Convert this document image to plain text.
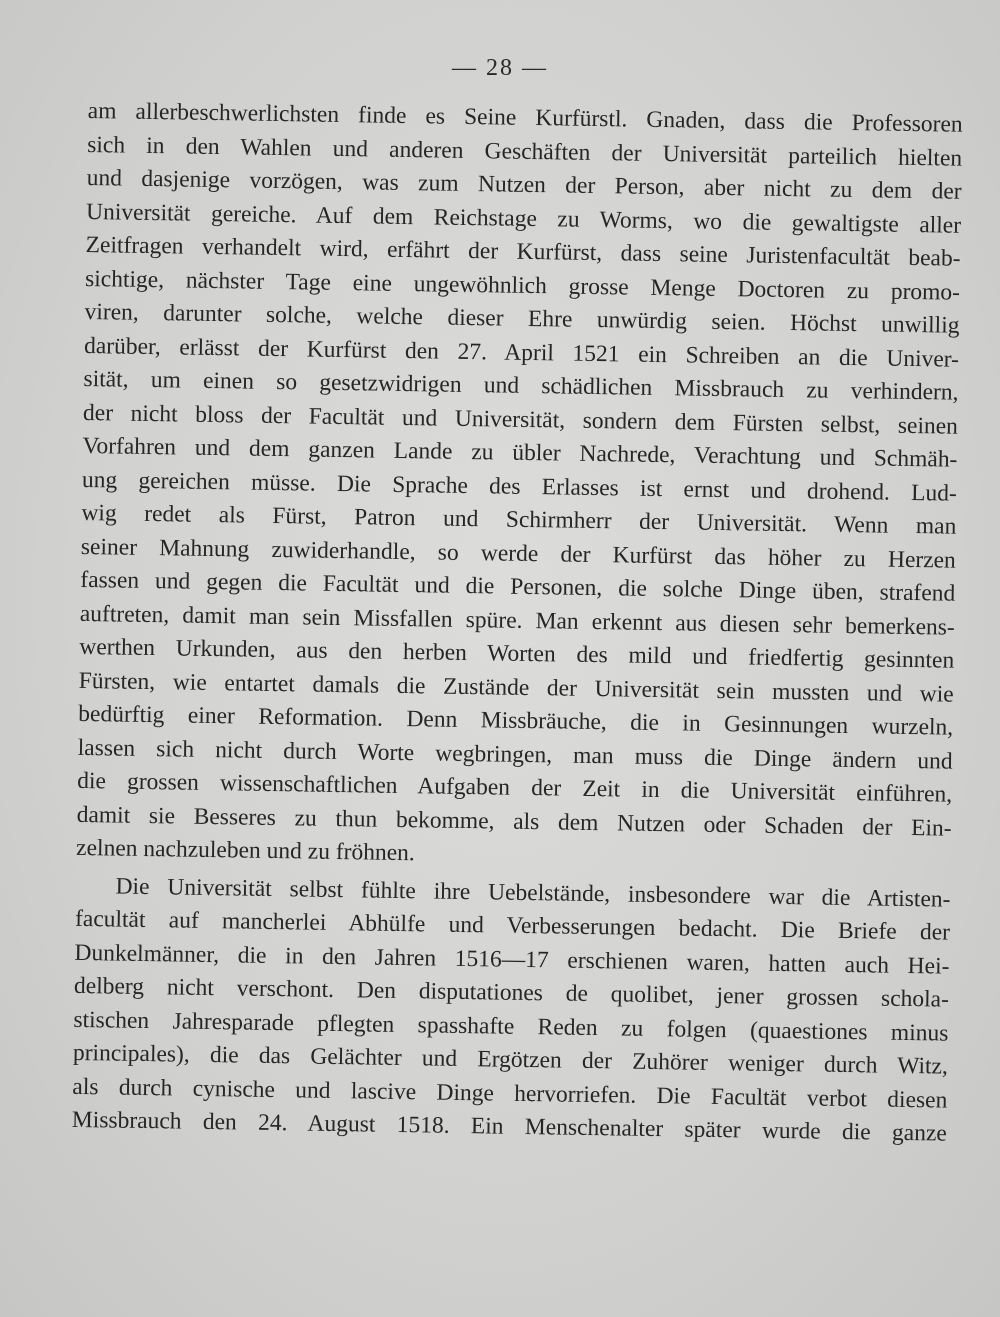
— 28 —
am allerbeschwerlichsten finde es Seine Kurfürstl. Gnaden, dass die Professoren
sich in den Wahlen und anderen Geschäften der Universität parteilich hielten
und dasjenige vorzögen, was zum Nutzen der Person, aber nicht zu dem der
Universität gereiche. Auf dem Reichstage zu Worms, wo die gewaltigste aller
Zeitfragen verhandelt wird, erfährt der Kurfürst, dass seine Juristenfacultät beab-
sichtige, nächster Tage eine ungewöhnlich grosse Menge Doctoren zu promo-
viren, darunter solche, welche dieser Ehre unwürdig seien. Höchst unwillig
darüber, erlässt der Kurfürst den 27. April 1521 ein Schreiben an die Univer-
sität, um einen so gesetzwidrigen und schädlichen Missbrauch zu verhindern,
der nicht bloss der Facultät und Universität, sondern dem Fürsten selbst, seinen
Vorfahren und dem ganzen Lande zu übler Nachrede, Verachtung und Schmäh-
ung gereichen müsse. Die Sprache des Erlasses ist ernst und drohend. Lud-
wig redet als Fürst, Patron und Schirmherr der Universität. Wenn man
seiner Mahnung zuwiderhandle, so werde der Kurfürst das höher zu Herzen
fassen und gegen die Facultät und die Personen, die solche Dinge üben, strafend
auftreten, damit man sein Missfallen spüre. Man erkennt aus diesen sehr bemerkens-
werthen Urkunden, aus den herben Worten des mild und friedfertig gesinnten
Fürsten, wie entartet damals die Zustände der Universität sein mussten und wie
bedürftig einer Reformation. Denn Missbräuche, die in Gesinnungen wurzeln,
lassen sich nicht durch Worte wegbringen, man muss die Dinge ändern und
die grossen wissenschaftlichen Aufgaben der Zeit in die Universität einführen,
damit sie Besseres zu thun bekomme, als dem Nutzen oder Schaden der Ein-
zelnen nachzuleben und zu fröhnen.
Die Universität selbst fühlte ihre Uebelstände, insbesondere war die Artisten-
facultät auf mancherlei Abhülfe und Verbesserungen bedacht. Die Briefe der
Dunkelmänner, die in den Jahren 1516—17 erschienen waren, hatten auch Hei-
delberg nicht verschont. Den disputationes de quolibet, jener grossen schola-
stischen Jahresparade pflegten spasshafte Reden zu folgen (quaestiones minus
principales), die das Gelächter und Ergötzen der Zuhörer weniger durch Witz,
als durch cynische und lascive Dinge hervorriefen. Die Facultät verbot diesen
Missbrauch den 24. August 1518. Ein Menschenalter später wurde die ganze
